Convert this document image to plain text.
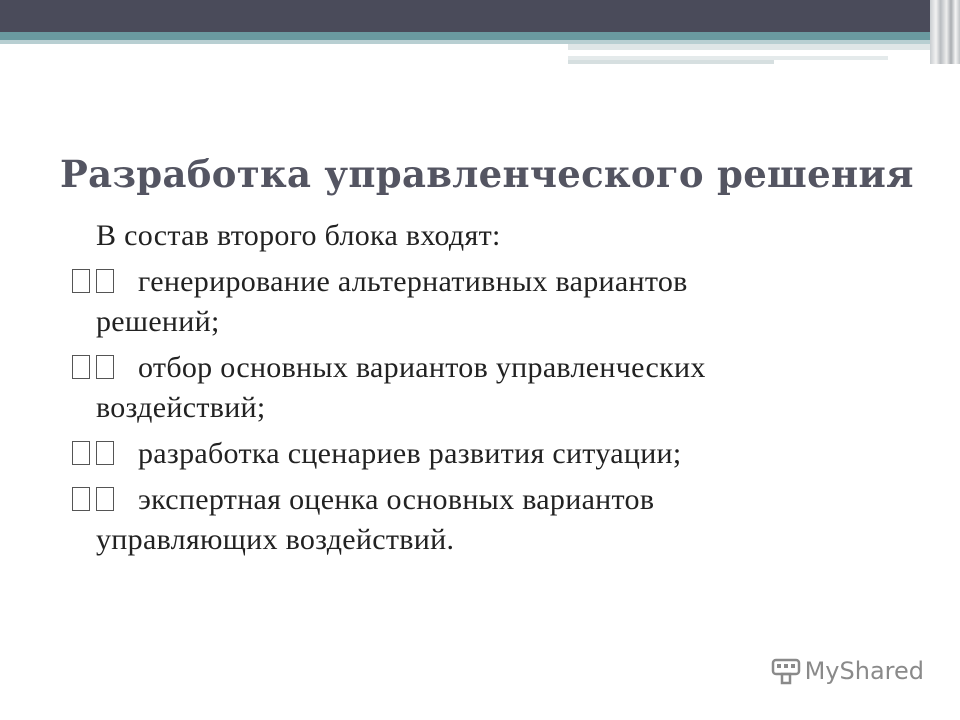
Разработка управленческого решения

В состав второго блока входят:

генерирование альтернативных вариантов
решений;
отбор основных вариантов управленческих
воздействий;
разработка сценариев развития ситуации;
экспертная оценка основных вариантов
управляющих воздействий.
MyShared
